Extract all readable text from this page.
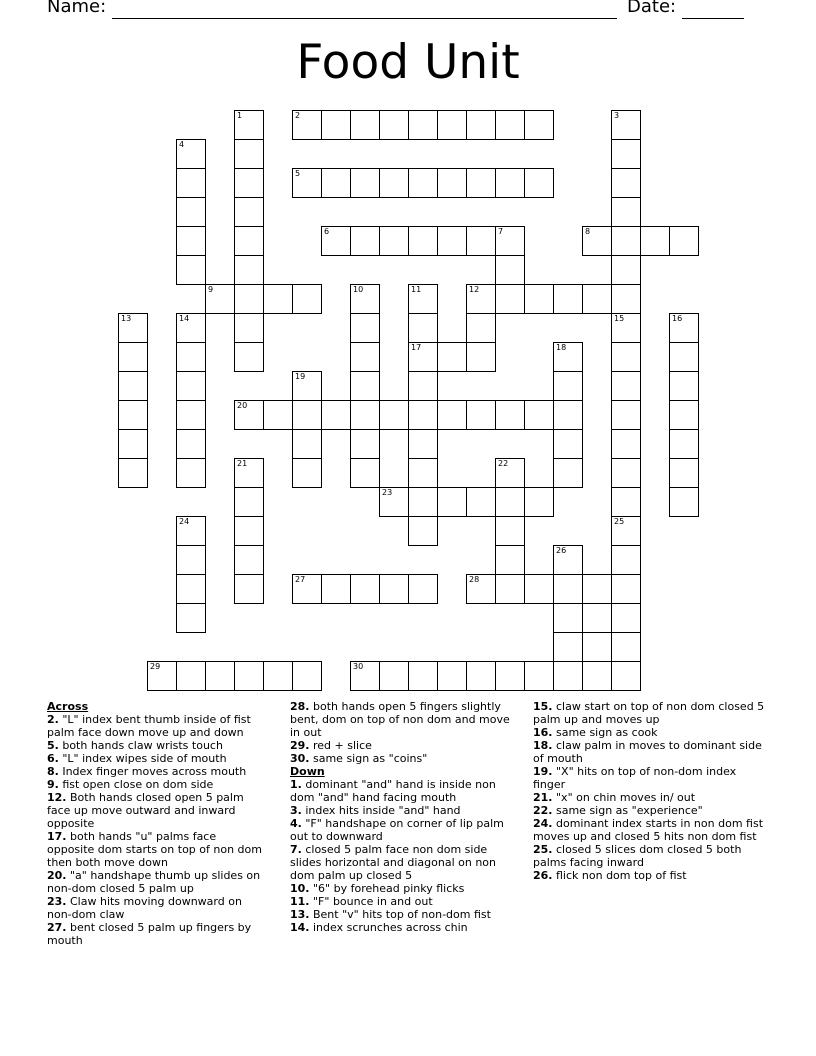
Name:	Date:
Food Unit
1	2	3
4
5
6	7	8
9	10	11	12
13	14	15	16
17	18
19
20
21	22
23
24	25
26
27	28
29	30
Across
2. "L" index bent thumb inside of fist palm face down move up and down
5. both hands claw wrists touch
6. "L" index wipes side of mouth
8. Index finger moves across mouth
9. fist open close on dom side
12. Both hands closed open 5 palm face up move outward and inward opposite
17. both hands "u" palms face opposite dom starts on top of non dom then both move down
20. "a" handshape thumb up slides on non-dom closed 5 palm up
23. Claw hits moving downward on non-dom claw
27. bent closed 5 palm up fingers by mouth
28. both hands open 5 fingers slightly bent, dom on top of non dom and move in out
29. red + slice
30. same sign as "coins"
Down
1. dominant "and" hand is inside non dom "and" hand facing mouth
3. index hits inside "and" hand
4. "F" handshape on corner of lip palm out to downward
7. closed 5 palm face non dom side slides horizontal and diagonal on non dom palm up closed 5
10. "6" by forehead pinky flicks
11. "F" bounce in and out
13. Bent "v" hits top of non-dom fist
14. index scrunches across chin
15. claw start on top of non dom closed 5 palm up and moves up
16. same sign as cook
18. claw palm in moves to dominant side of mouth
19. "X" hits on top of non-dom index finger
21. "x" on chin moves in/ out
22. same sign as "experience"
24. dominant index starts in non dom fist moves up and closed 5 hits non dom fist
25. closed 5 slices dom closed 5 both palms facing inward
26. flick non dom top of fist
